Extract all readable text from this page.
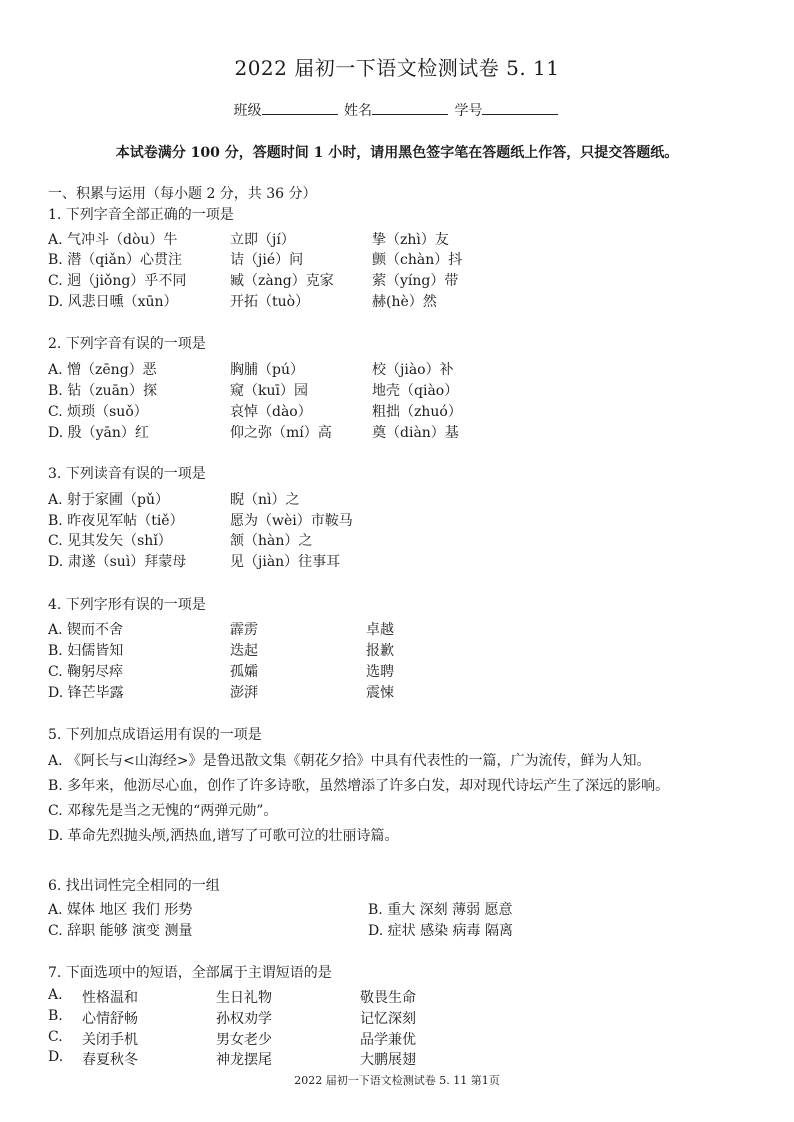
2022 届初一下语文检测试卷 5. 11
班级	姓名	学号
本试卷满分 100 分，答题时间 1 小时，请用黑色签字笔在答题纸上作答，只提交答题纸。
一、积累与运用（每小题 2 分，共 36 分）
1. 下列字音全部正确的一项是
A. 气冲斗（dòu）牛	立即（jí）	挚（zhì）友
B. 潜（qiǎn）心贯注	诘（jié）问	颤（chàn）抖
C. 迥（jiǒng）乎不同	臧（zàng）克家	萦（yíng）带
D. 风悲日曛（xūn）	开拓（tuò）	赫(hè）然
2. 下列字音有误的一项是
A. 憎（zēng）恶	胸脯（pú）	校（jiào）补
B. 钻（zuān）探	窥（kuī）园	地壳（qiào）
C. 烦琐（suǒ）	哀悼（dào）	粗拙（zhuó）
D. 殷（yān）红	仰之弥（mí）高	奠（diàn）基
3. 下列读音有误的一项是
A. 射于家圃（pǔ）	睨（nì）之
B. 昨夜见军帖（tiě）	愿为（wèi）市鞍马
C. 见其发矢（shǐ）	颔（hàn）之
D. 肃遂（suì）拜蒙母	见（jiàn）往事耳
4. 下列字形有误的一项是
A. 锲而不舍	霹雳	卓越
B. 妇儒皆知	迭起	报歉
C. 鞠躬尽瘁	孤孀	选聘
D. 锋芒毕露	澎湃	震悚
5. 下列加点成语运用有误的一项是
A. 《阿长与<山海经>》是鲁迅散文集《朝花夕拾》中具有代表性的一篇，广为流传，鲜为人知。
B. 多年来，他沥尽心血，创作了许多诗歌，虽然增添了许多白发，却对现代诗坛产生了深远的影响。
C. 邓稼先是当之无愧的“两弹元勋”。
D. 革命先烈抛头颅,洒热血,谱写了可歌可泣的壮丽诗篇。
6. 找出词性完全相同的一组
A. 媒体 地区 我们 形势	B. 重大 深刻 薄弱 愿意
C. 辞职 能够 演变 测量	D. 症状 感染 病毒 隔离
7. 下面选项中的短语，全部属于主谓短语的是
A. 性格温和	生日礼物	敬畏生命
B. 心情舒畅	孙权劝学	记忆深刻
C. 关闭手机	男女老少	品学兼优
D. 春夏秋冬	神龙摆尾	大鹏展翅
2022 届初一下语文检测试卷 5. 11 第1页
